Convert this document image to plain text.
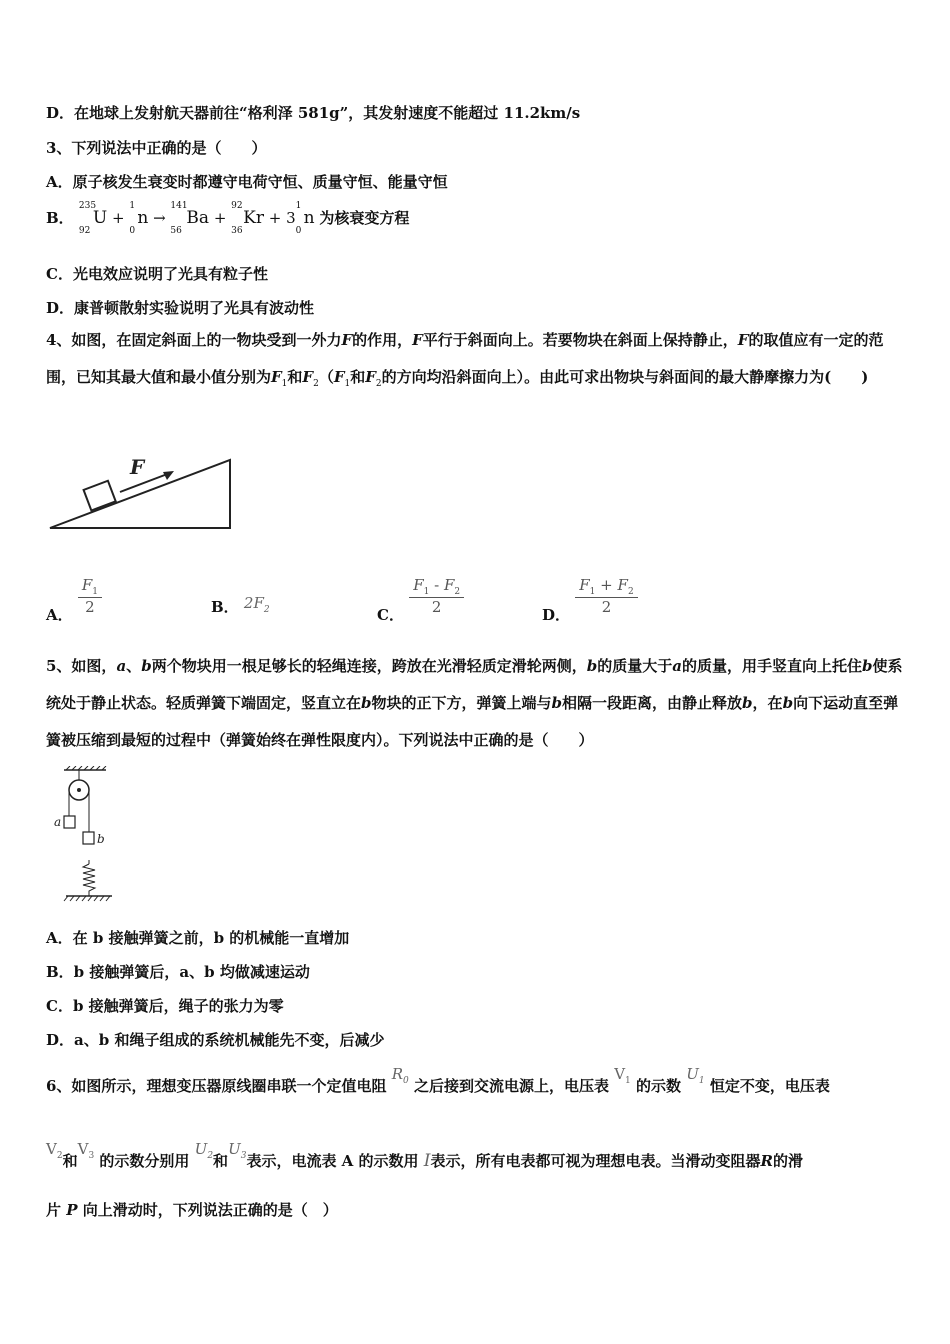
D．在地球上发射航天器前往“格利泽 581g”，其发射速度不能超过 11.2km/s
3、下列说法中正确的是（　　）
A．原子核发生衰变时都遵守电荷守恒、质量守恒、能量守恒
B．
235
92
U +
1
0
n →
141
56
Ba +
92
36
Kr + 3
1
0
n 为核衰变方程
C．光电效应说明了光具有粒子性
D．康普顿散射实验说明了光具有波动性
4、如图，在固定斜面上的一物块受到一外力F的作用，F平行于斜面向上。若要物块在斜面上保持静止，F的取值应有一定的范围，已知其最大值和最小值分别为$F_1$和$F_2(F_1$和$F_2$的方向均沿斜面向上）。由此可求出物块与斜面间的最大静摩擦力为(　　)
F
A． $\frac{F_1}{2}$	B． $2F_2$	C． $\frac{F_1 - F_2}{2}$	D． $\frac{F_1 + F_2}{2}$
5、如图，a、b两个物块用一根足够长的轻绳连接，跨放在光滑轻质定滑轮两侧，b的质量大于a的质量，用手竖直向上托住b使系统处于静止状态。轻质弹簧下端固定，竖直立在b物块的正下方，弹簧上端与b相隔一段距离，由静止释放b，在b向下运动直至弹簧被压缩到最短的过程中（弹簧始终在弹性限度内）。下列说法中正确的是（　　）
a
b
A．在 b 接触弹簧之前，b 的机械能一直增加
B．b 接触弹簧后，a、b 均做减速运动
C．b 接触弹簧后，绳子的张力为零
D．a、b 和绳子组成的系统机械能先不变，后减少
6、如图所示，理想变压器原线圈串联一个定值电阻 $R_0$ 之后接到交流电源上，电压表 $V_1$ 的示数 $U_1$ 恒定不变，电压表
$V_2$和$V_3$ 的示数分别用 $U_2$和$U_3$表示，电流表 A 的示数用 I表示，所有电表都可视为理想电表。当滑动变阻器R的滑
片 P 向上滑动时，下列说法正确的是（　）
